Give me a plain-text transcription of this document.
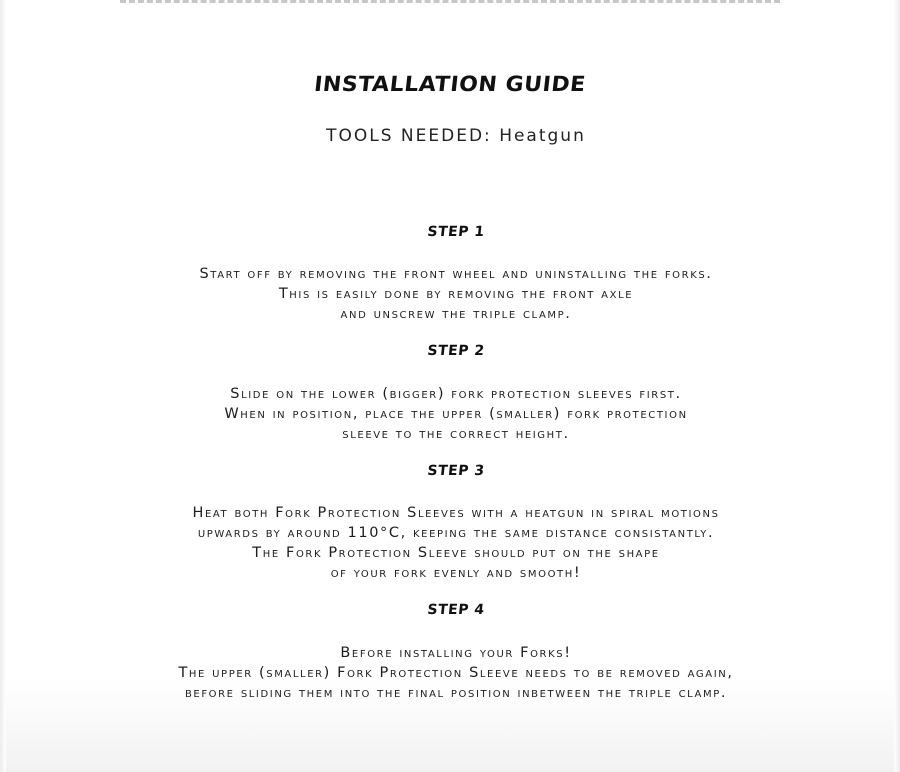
INSTALLATION GUIDE
TOOLS NEEDED: Heatgun
STEP 1
Start off by removing the front wheel and uninstalling the forks.
This is easily done by removing the front axle
and unscrew the triple clamp.
STEP 2
Slide on the lower (bigger) fork protection sleeves first.
When in position, place the upper (smaller) fork protection
sleeve to the correct height.
STEP 3
Heat both Fork Protection Sleeves with a heatgun in spiral motions
upwards by around 110°C, keeping the same distance consistantly.
The Fork Protection Sleeve should put on the shape
of your fork evenly and smooth!
STEP 4
Before installing your Forks!
The upper (smaller) Fork Protection Sleeve needs to be removed again,
before sliding them into the final position inbetween the triple clamp.
